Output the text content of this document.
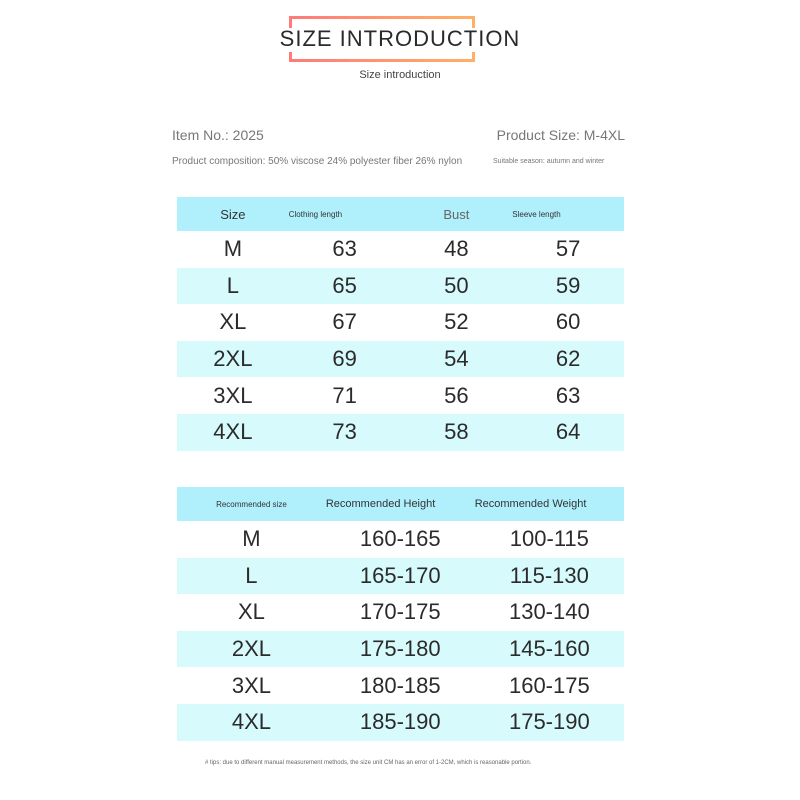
SIZE INTRODUCTION
Size introduction
Item No.: 2025	Product Size: M-4XL
Product composition: 50% viscose 24% polyester fiber 26% nylon	Suitable season: autumn and winter
Size	Clothing length	Bust	Sleeve length
M	63	48	57
L	65	50	59
XL	67	52	60
2XL	69	54	62
3XL	71	56	63
4XL	73	58	64
Recommended size	Recommended Height	Recommended Weight
M	160-165	100-115
L	165-170	115-130
XL	170-175	130-140
2XL	175-180	145-160
3XL	180-185	160-175
4XL	185-190	175-190
# tips: due to different manual measurement methods, the size unit CM has an error of 1-2CM, which is reasonable portion.
